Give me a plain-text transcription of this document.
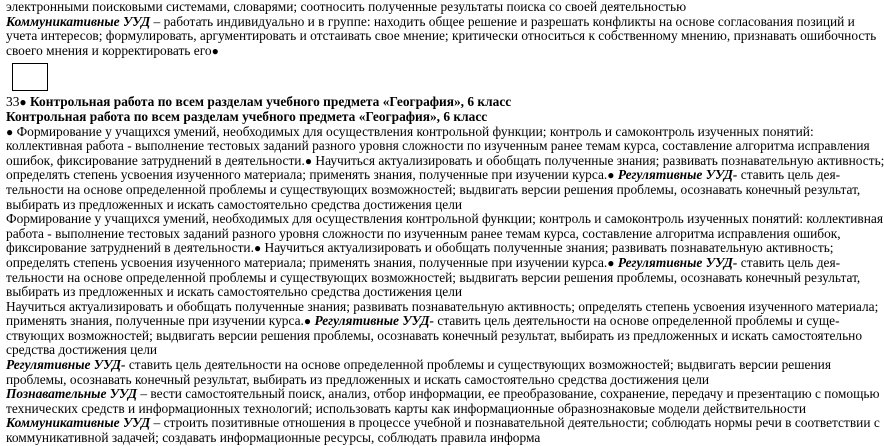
электронными поисковыми системами, словарями; соотносить полученные результаты поиска со своей деятельностью
Коммуникативные УУД – работать индивидуально и в группе: находить общее решение и разрешать конфликты на основе согласования позиций и
учета интересов; формулировать, аргументировать и отстаивать свое мнение; критически относиться к собственному мнению, признавать ошибочность
своего мнения и корректировать его●
33● Контрольная работа по всем разделам учебного предмета «География», 6 класс
Контрольная работа по всем разделам учебного предмета «География», 6 класс
● Формирование у учащихся умений, необходимых для осуществления контрольной функции; контроль и самоконтроль изученных понятий:
коллективная работа - выполнение тестовых заданий разного уровня сложности по изученным ранее темам курса, составление алгоритма исправления
ошибок, фиксирование затруднений в деятельности.● Научиться актуализировать и обобщать полученные знания; развивать познавательную активность;
определять степень усвоения изученного материала; применять знания, полученные при изучении курса.● Регулятивные УУД- ставить цель дея-
тельности на основе определенной проблемы и существующих возможностей; выдвигать версии решения проблемы, осознавать конечный результат,
выбирать из предложенных и искать самостоятельно средства достижения цели
Формирование у учащихся умений, необходимых для осуществления контрольной функции; контроль и самоконтроль изученных понятий: коллективная
работа - выполнение тестовых заданий разного уровня сложности по изученным ранее темам курса, составление алгоритма исправления ошибок,
фиксирование затруднений в деятельности.● Научиться актуализировать и обобщать полученные знания; развивать познавательную активность;
определять степень усвоения изученного материала; применять знания, полученные при изучении курса.● Регулятивные УУД- ставить цель дея-
тельности на основе определенной проблемы и существующих возможностей; выдвигать версии решения проблемы, осознавать конечный результат,
выбирать из предложенных и искать самостоятельно средства достижения цели
Научиться актуализировать и обобщать полученные знания; развивать познавательную активность; определять степень усвоения изученного материала;
применять знания, полученные при изучении курса.● Регулятивные УУД- ставить цель деятельности на основе определенной проблемы и суще-
ствующих возможностей; выдвигать версии решения проблемы, осознавать конечный результат, выбирать из предложенных и искать самостоятельно
средства достижения цели
Регулятивные УУД- ставить цель деятельности на основе определенной проблемы и существующих возможностей; выдвигать версии решения
проблемы, осознавать конечный результат, выбирать из предложенных и искать самостоятельно средства достижения цели
Познавательные УУД – вести самостоятельный поиск, анализ, отбор информации, ее преобразование, сохранение, передачу и презентацию с помощью
технических средств и информационных технологий; использовать карты как информационные образнознаковые модели действительности
Коммуникативные УУД – строить позитивные отношения в процессе учебной и познавательной деятельности; соблюдать нормы речи в соответствии с
коммуникативной задачей; создавать информационные ресурсы, соблюдать правила информа
